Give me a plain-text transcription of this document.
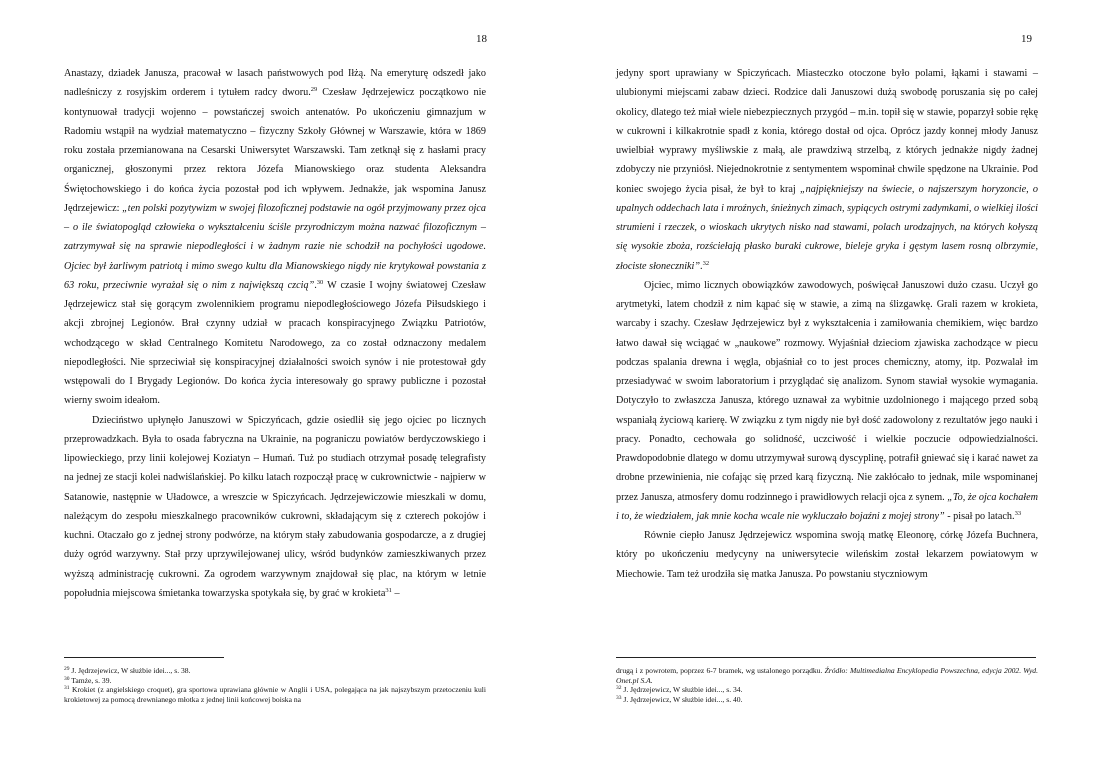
18

Anastazy, dziadek Janusza, pracował w lasach państwowych pod Iłżą. Na emeryturę odszedł jako nadleśniczy z rosyjskim orderem i tytułem radcy dworu.$^{29}$ Czesław Jędrzejewicz początkowo nie kontynuował tradycji wojenno – powstańczej swoich antenatów. Po ukończeniu gimnazjum w Radomiu wstąpił na wydział matematyczno – fizyczny Szkoły Głównej w Warszawie, która w 1869 roku została przemianowana na Cesarski Uniwersytet Warszawski. Tam zetknął się z hasłami pracy organicznej, głoszonymi przez rektora Józefa Mianowskiego oraz studenta Aleksandra Świętochowskiego i do końca życia pozostał pod ich wpływem. Jednakże, jak wspomina Janusz Jędrzejewicz: „ten polski pozytywizm w swojej filozoficznej podstawie na ogół przyjmowany przez ojca – o ile światopogląd człowieka o wykształceniu ściśle przyrodniczym można nazwać filozoficznym – zatrzymywał się na sprawie niepodległości i w żadnym razie nie schodził na pochyłości ugodowe. Ojciec był żarliwym patriotą i mimo swego kultu dla Mianowskiego nigdy nie krytykował powstania z 63 roku, przeciwnie wyrażał się o nim z największą czcią”.$^{30}$ W czasie I wojny światowej Czesław Jędrzejewicz stał się gorącym zwolennikiem programu niepodległościowego Józefa Piłsudskiego i akcji zbrojnej Legionów. Brał czynny udział w pracach konspiracyjnego Związku Patriotów, wchodzącego w skład Centralnego Komitetu Narodowego, za co został odznaczony medalem niepodległości. Nie sprzeciwiał się konspiracyjnej działalności swoich synów i nie protestował gdy wstępowali do I Brygady Legionów. Do końca życia interesowały go sprawy publiczne i pozostał wierny swoim ideałom.

Dzieciństwo upłynęło Januszowi w Spiczyńcach, gdzie osiedlił się jego ojciec po licznych przeprowadzkach. Była to osada fabryczna na Ukrainie, na pograniczu powiatów berdyczowskiego i lipowieckiego, przy linii kolejowej Koziatyn – Humań. Tuż po studiach otrzymał posadę telegrafisty na jednej ze stacji kolei nadwiślańskiej. Po kilku latach rozpoczął pracę w cukrownictwie - najpierw w Satanowie, następnie w Uładowce, a wreszcie w Spiczyńcach. Jędrzejewiczowie mieszkali w domu, należącym do zespołu mieszkalnego pracowników cukrowni, składającym się z czterech pokojów i kuchni. Otaczało go z jednej strony podwórze, na którym stały zabudowania gospodarcze, a z drugiej duży ogród warzywny. Stał przy uprzywilejowanej ulicy, wśród budynków zamieszkiwanych przez wyższą administrację cukrowni. Za ogrodem warzywnym znajdował się plac, na którym w letnie popołudnia miejscowa śmietanka towarzyska spotykała się, by grać w krokieta$^{31}$ –

$^{29}$ J. Jędrzejewicz, W służbie idei..., s. 38.

$^{30}$ Tamże, s. 39.

$^{31}$ Krokiet (z angielskiego croquet), gra sportowa uprawiana głównie w Anglii i USA, polegająca na jak najszybszym przetoczeniu kuli krokietowej za pomocą drewnianego młotka z jednej linii końcowej boiska na

19

jedyny sport uprawiany w Spiczyńcach. Miasteczko otoczone było polami, łąkami i stawami – ulubionymi miejscami zabaw dzieci. Rodzice dali Januszowi dużą swobodę poruszania się po całej okolicy, dlatego też miał wiele niebezpiecznych przygód – m.in. topił się w stawie, poparzył sobie rękę w cukrowni i kilkakrotnie spadł z konia, którego dostał od ojca. Oprócz jazdy konnej młody Janusz uwielbiał wyprawy myśliwskie z małą, ale prawdziwą strzelbą, z których jednakże nigdy żadnej zdobyczy nie przyniósł. Niejednokrotnie z sentymentem wspominał chwile spędzone na Ukrainie. Pod koniec swojego życia pisał, że był to kraj „najpiękniejszy na świecie, o najszerszym horyzoncie, o upalnych oddechach lata i mroźnych, śnieżnych zimach, sypiących ostrymi zadymkami, o wielkiej ilości strumieni i rzeczek, o wioskach ukrytych nisko nad stawami, polach urodzajnych, na których kołyszą się wysokie zboża, rozściełają płasko buraki cukrowe, bieleje gryka i gęstym lasem rosną olbrzymie, złociste słoneczniki”.$^{32}$

Ojciec, mimo licznych obowiązków zawodowych, poświęcał Januszowi dużo czasu. Uczył go arytmetyki, latem chodził z nim kąpać się w stawie, a zimą na ślizgawkę. Grali razem w krokieta, warcaby i szachy. Czesław Jędrzejewicz był z wykształcenia i zamiłowania chemikiem, więc bardzo łatwo dawał się wciągać w „naukowe” rozmowy. Wyjaśniał dzieciom zjawiska zachodzące w piecu podczas spalania drewna i węgla, objaśniał co to jest proces chemiczny, atomy, itp. Pozwalał im przesiadywać w swoim laboratorium i przyglądać się analizom. Synom stawiał wysokie wymagania. Dotyczyło to zwłaszcza Janusza, którego uznawał za wybitnie uzdolnionego i mającego przed sobą wspaniałą życiową karierę. W związku z tym nigdy nie był dość zadowolony z rezultatów jego nauki i pracy. Ponadto, cechowała go solidność, uczciwość i wielkie poczucie odpowiedzialności. Prawdopodobnie dlatego w domu utrzymywał surową dyscyplinę, potrafił gniewać się i karać nawet za drobne przewinienia, nie cofając się przed karą fizyczną. Nie zakłócało to jednak, mile wspominanej przez Janusza, atmosfery domu rodzinnego i prawidłowych relacji ojca z synem. „To, że ojca kochałem i to, że wiedziałem, jak mnie kocha wcale nie wykluczało bojaźni z mojej strony” - pisał po latach.$^{33}$

Równie ciepło Janusz Jędrzejewicz wspomina swoją matkę Eleonorę, córkę Józefa Buchnera, który po ukończeniu medycyny na uniwersytecie wileńskim został lekarzem powiatowym w Miechowie. Tam też urodziła się matka Janusza. Po powstaniu styczniowym

drugą i z powrotem, poprzez 6-7 bramek, wg ustalonego porządku. Źródło: Multimedialna Encyklopedia Powszechna, edycja 2002. Wyd. Onet.pl S.A.

$^{32}$ J. Jędrzejewicz, W służbie idei..., s. 34.

$^{33}$ J. Jędrzejewicz, W służbie idei..., s. 40.
